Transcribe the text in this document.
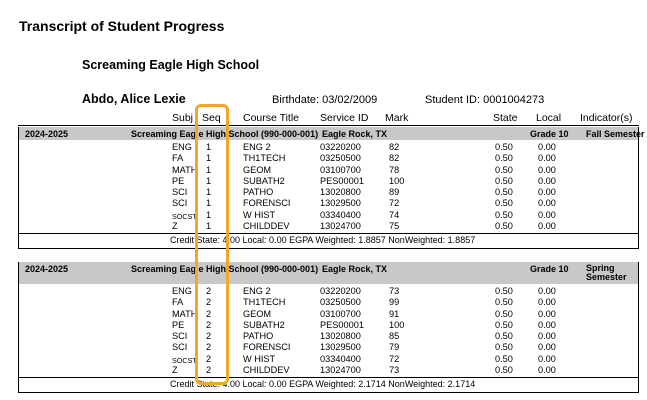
Transcript of Student Progress
Screaming Eagle High School
Abdo, Alice Lexie	Birthdate: 03/02/2009	Student ID: 0001004273
Subj Seq Course Title Service ID Mark	State Local Indicator(s)
2024-2025	Screaming Eagle High School (990-000-001) Eagle Rock, TX	Grade 10 Fall Semester
ENG 1	ENG 2	03220200	82	0.50	0.00
FA 1	TH1TECH	03250500	82	0.50	0.00
MATH 1	GEOM	03100700	78	0.50	0.00
PE 1	SUBATH2	PES00001	100	0.50	0.00
SCI 1	PATHO	13020800	89	0.50	0.00
SCI 1	FORENSCI	13029500	72	0.50	0.00
SOCST 1	W HIST	03340400	74	0.50	0.00
Z	1	CHILDDEV	13024700	75	0.50	0.00
Credit State: 4.00 Local: 0.00 EGPA Weighted: 1.8857 NonWeighted: 1.8857
2024-2025	Screaming Eagle High School (990-000-001) Eagle Rock, TX	Grade 10 Spring Semester
ENG 2	ENG 2	03220200	73	0.50	0.00
FA 2	TH1TECH	03250500	99	0.50	0.00
MATH 2	GEOM	03100700	91	0.50	0.00
PE 2	SUBATH2	PES00001	100	0.50	0.00
SCI 2	PATHO	13020800	85	0.50	0.00
SCI 2	FORENSCI	13029500	79	0.50	0.00
SOCST 2	W HIST	03340400	72	0.50	0.00
Z	2	CHILDDEV	13024700	73	0.50	0.00
Credit State: 4.00 Local: 0.00 EGPA Weighted: 2.1714 NonWeighted: 2.1714
